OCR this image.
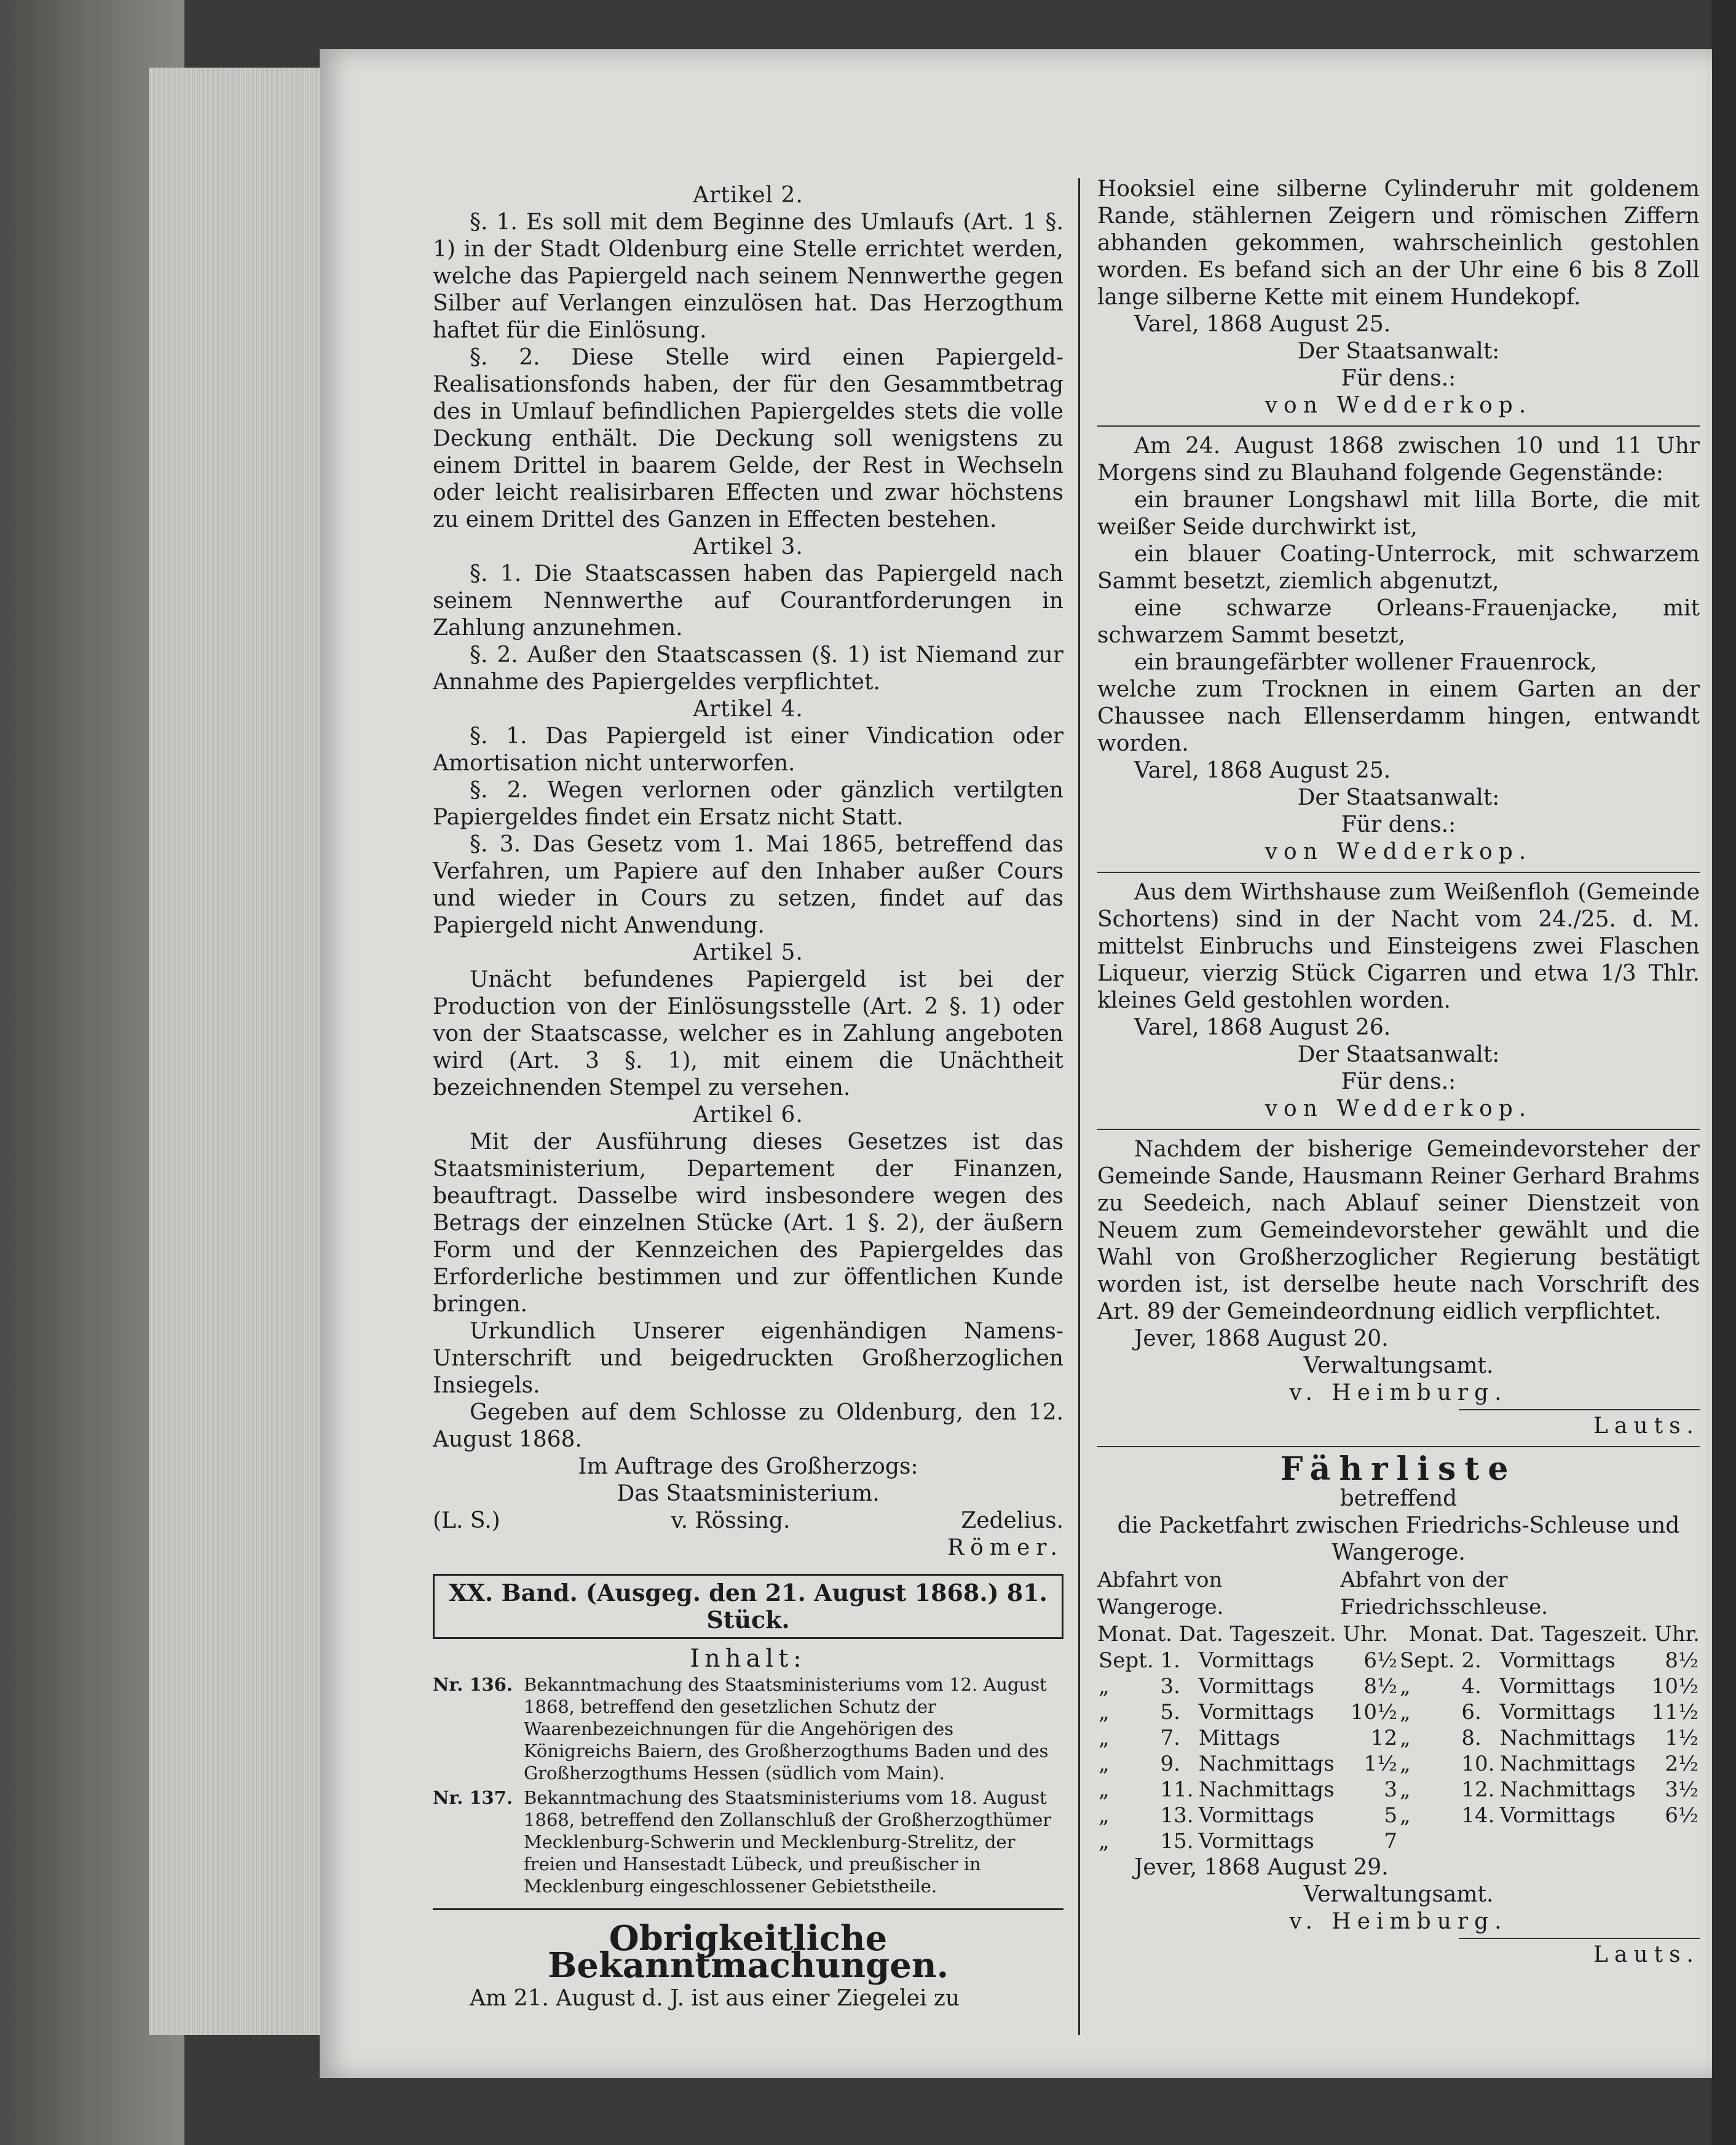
Artikel 2.

§. 1. Es soll mit dem Beginne des Umlaufs (Art. 1 §. 1) in der Stadt Oldenburg eine Stelle errichtet werden, welche das Papiergeld nach seinem Nennwerthe gegen Silber auf Verlangen einzulösen hat. Das Herzogthum haftet für die Einlösung.

§. 2. Diese Stelle wird einen Papiergeld-Realisationsfonds haben, der für den Gesammtbetrag des in Umlauf befindlichen Papiergeldes stets die volle Deckung enthält. Die Deckung soll wenigstens zu einem Drittel in baarem Gelde, der Rest in Wechseln oder leicht realisirbaren Effecten und zwar höchstens zu einem Drittel des Ganzen in Effecten bestehen.

Artikel 3.

§. 1. Die Staatscassen haben das Papiergeld nach seinem Nennwerthe auf Courantforderungen in Zahlung anzunehmen.

§. 2. Außer den Staatscassen (§. 1) ist Niemand zur Annahme des Papiergeldes verpflichtet.

Artikel 4.

§. 1. Das Papiergeld ist einer Vindication oder Amortisation nicht unterworfen.

§. 2. Wegen verlornen oder gänzlich vertilgten Papiergeldes findet ein Ersatz nicht Statt.

§. 3. Das Gesetz vom 1. Mai 1865, betreffend das Verfahren, um Papiere auf den Inhaber außer Cours und wieder in Cours zu setzen, findet auf das Papiergeld nicht Anwendung.

Artikel 5.

Unächt befundenes Papiergeld ist bei der Production von der Einlösungsstelle (Art. 2 §. 1) oder von der Staatscasse, welcher es in Zahlung angeboten wird (Art. 3 §. 1), mit einem die Unächtheit bezeichnenden Stempel zu versehen.

Artikel 6.

Mit der Ausführung dieses Gesetzes ist das Staatsministerium, Departement der Finanzen, beauftragt. Dasselbe wird insbesondere wegen des Betrags der einzelnen Stücke (Art. 1 §. 2), der äußern Form und der Kennzeichen des Papiergeldes das Erforderliche bestimmen und zur öffentlichen Kunde bringen.

Urkundlich Unserer eigenhändigen Namens-Unterschrift und beigedruckten Großherzoglichen Insiegels.

Gegeben auf dem Schlosse zu Oldenburg, den 12. August 1868.

Im Auftrage des Großherzogs:

Das Staatsministerium.

(L. S.)	v. Rössing.	Zedelius.

Römer.

XX. Band. (Ausgeg. den 21. August 1868.) 81. Stück.
Inhalt:
Nr. 136. Bekanntmachung des Staatsministeriums vom 12. August 1868, betreffend den gesetzlichen Schutz der Waarenbezeichnungen für die Angehörigen des Königreichs Baiern, des Großherzogthums Baden und des Großherzogthums Hessen (südlich vom Main).
Nr. 137. Bekanntmachung des Staatsministeriums vom 18. August 1868, betreffend den Zollanschluß der Großherzogthümer Mecklenburg-Schwerin und Mecklenburg-Strelitz, der freien und Hansestadt Lübeck, und preußischer in Mecklenburg eingeschlossener Gebietstheile.
Obrigkeitliche Bekanntmachungen.

Am 21. August d. J. ist aus einer Ziegelei zu

Hooksiel eine silberne Cylinderuhr mit goldenem Rande, stählernen Zeigern und römischen Ziffern abhanden gekommen, wahrscheinlich gestohlen worden. Es befand sich an der Uhr eine 6 bis 8 Zoll lange silberne Kette mit einem Hundekopf.

Varel, 1868 August 25.

Der Staatsanwalt:

Für dens.:

von Wedderkop.

Am 24. August 1868 zwischen 10 und 11 Uhr Morgens sind zu Blauhand folgende Gegenstände:

ein brauner Longshawl mit lilla Borte, die mit weißer Seide durchwirkt ist,

ein blauer Coating-Unterrock, mit schwarzem Sammt besetzt, ziemlich abgenutzt,

eine schwarze Orleans-Frauenjacke, mit schwarzem Sammt besetzt,

ein braungefärbter wollener Frauenrock,

welche zum Trocknen in einem Garten an der Chaussee nach Ellenserdamm hingen, entwandt worden.

Varel, 1868 August 25.

Der Staatsanwalt:

Für dens.:

von Wedderkop.

Aus dem Wirthshause zum Weißenfloh (Gemeinde Schortens) sind in der Nacht vom 24./25. d. M. mittelst Einbruchs und Einsteigens zwei Flaschen Liqueur, vierzig Stück Cigarren und etwa 1/3 Thlr. kleines Geld gestohlen worden.

Varel, 1868 August 26.

Der Staatsanwalt:

Für dens.:

von Wedderkop.

Nachdem der bisherige Gemeindevorsteher der Gemeinde Sande, Hausmann Reiner Gerhard Brahms zu Seedeich, nach Ablauf seiner Dienstzeit von Neuem zum Gemeindevorsteher gewählt und die Wahl von Großherzoglicher Regierung bestätigt worden ist, ist derselbe heute nach Vorschrift des Art. 89 der Gemeindeordnung eidlich verpflichtet.

Jever, 1868 August 20.

Verwaltungsamt.

v. Heimburg.

Lauts.

Fährliste

betreffend

die Packetfahrt zwischen Friedrichs-Schleuse und Wangeroge.

Abfahrt von Wangeroge.
Abfahrt von der Friedrichsschleuse.
Monat. Dat. Tageszeit. Uhr. Monat. Dat. Tageszeit. Uhr.
Sept.	1.	Vormittags	6½	Sept.	2.	Vormittags	8½
„	3.	Vormittags	8½	„	4.	Vormittags	10½
„	5.	Vormittags	10½	„	6.	Vormittags	11½
„	7.	Mittags	12	„	8.	Nachmittags	1½
„	9.	Nachmittags	1½	„	10.	Nachmittags	2½
„	11.	Nachmittags	3	„	12.	Nachmittags	3½
„	13.	Vormittags	5	„	14.	Vormittags	6½
„	15.	Vormittags	7				

Jever, 1868 August 29.

Verwaltungsamt.

v. Heimburg.

Lauts.
